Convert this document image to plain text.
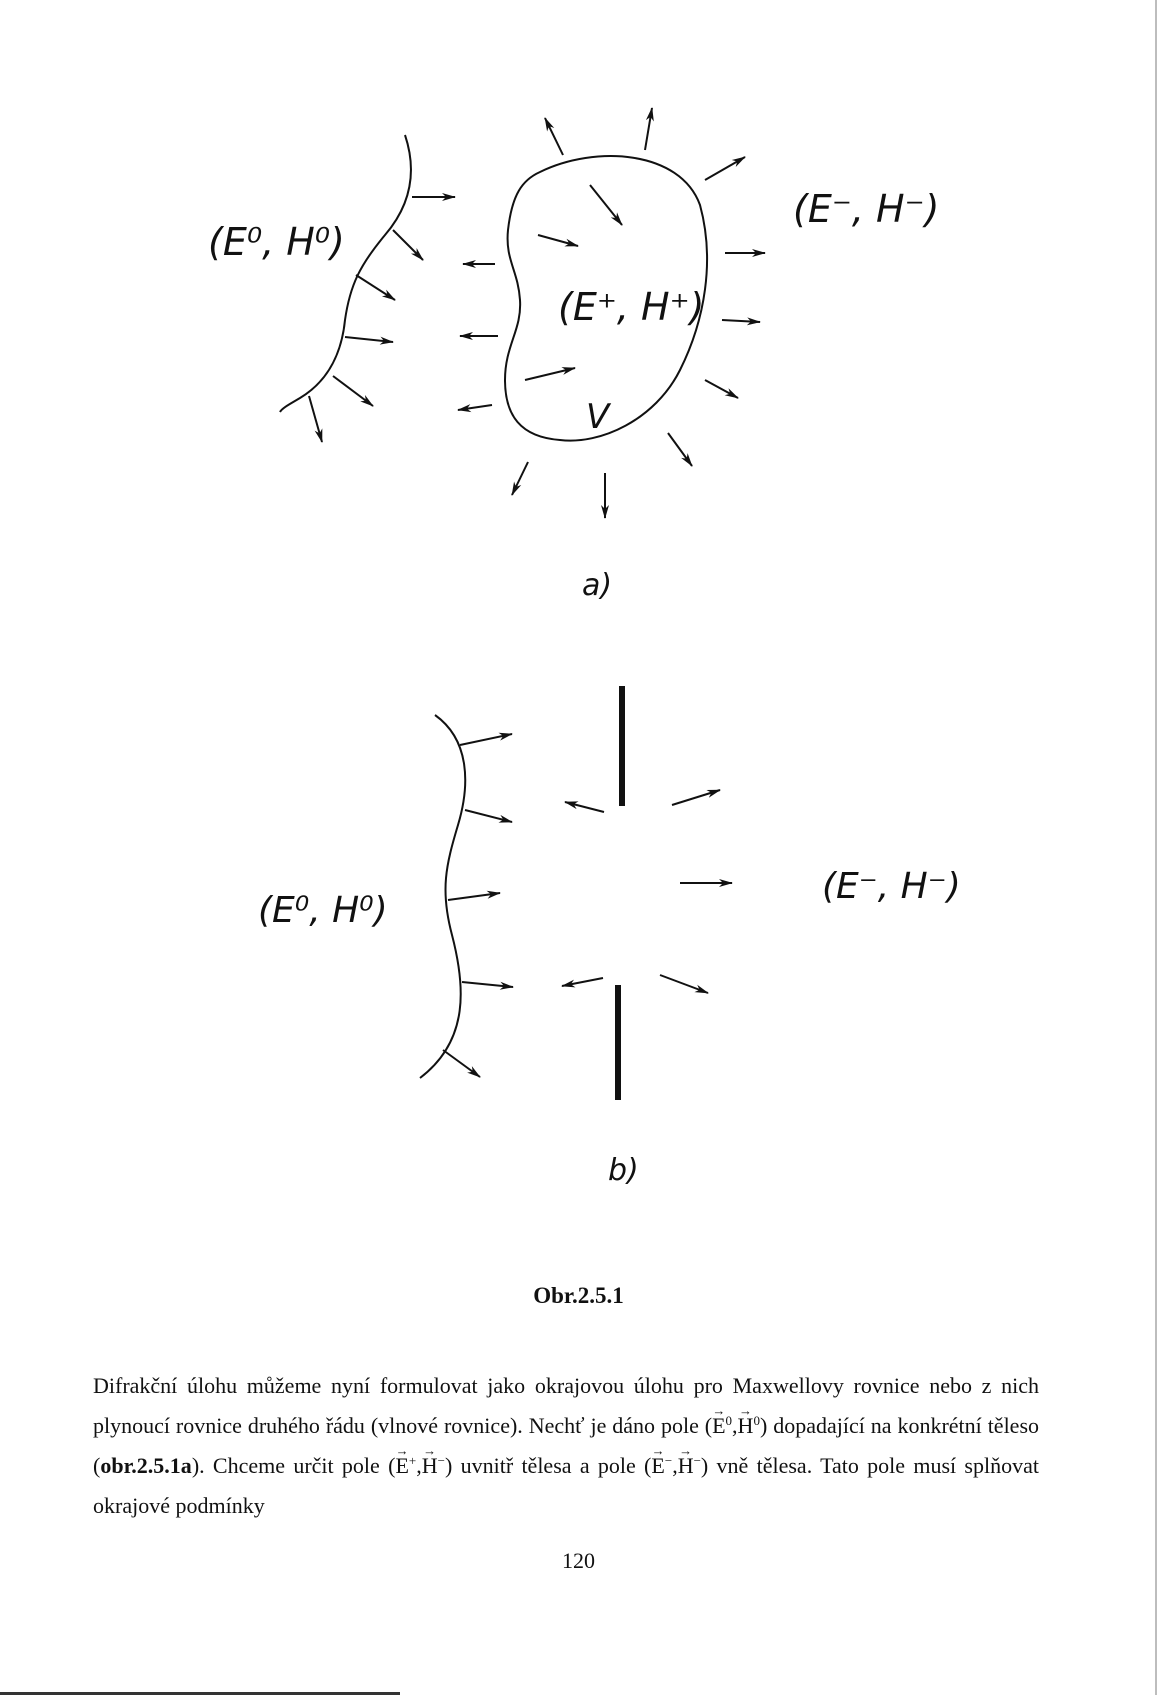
(E⁰, H⁰)
(E⁺, H⁺)
(E⁻, H⁻)
V
a)
(E⁰, H⁰)
(E⁻, H⁻)
b)
Obr.2.5.1

Difrakční úlohu můžeme nyní formulovat jako okrajovou úlohu pro Maxwellovy rovnice nebo z nich plynoucí rovnice druhého řádu (vlnové rovnice). Nechť je dáno pole (→ $E^0,\to H^0$) dopadající na konkrétní těleso (obr.2.5.1a). Chceme určit pole (→ E+,→ H−) uvnitř tělesa a pole (→ E−,→ H−) vně tělesa. Tato pole musí splňovat okrajové podmínky

120
